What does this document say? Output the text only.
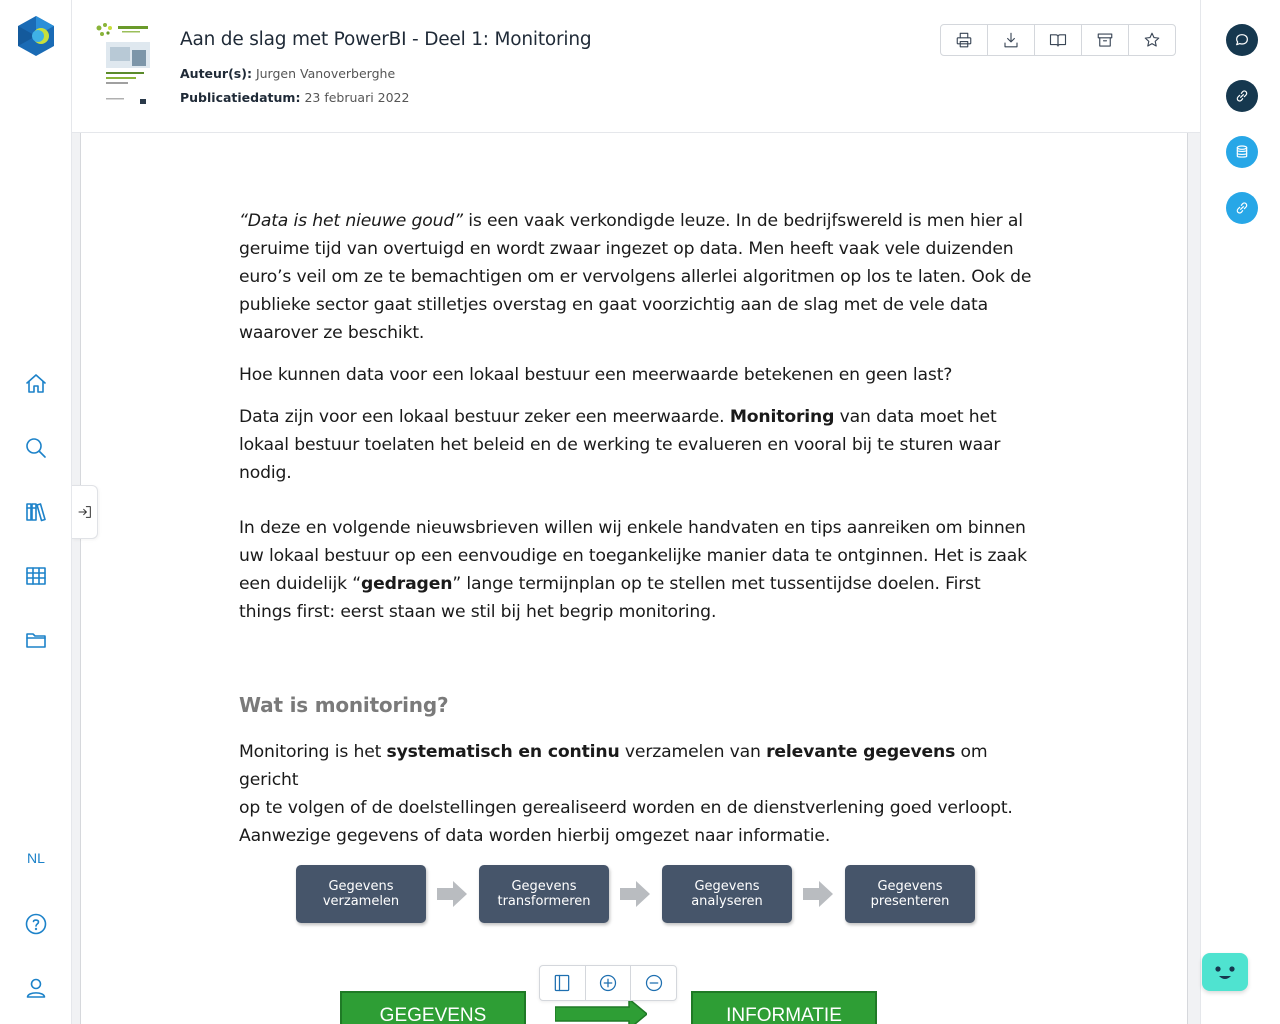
NL
Aan de slag met PowerBI - Deel 1: Monitoring
Auteur(s): Jurgen Vanoverberghe
Publicatiedatum: 23 februari 2022
“Data is het nieuwe goud” is een vaak verkondigde leuze. In de bedrijfswereld is men hier al
geruime tijd van overtuigd en wordt zwaar ingezet op data. Men heeft vaak vele duizenden
euro’s veil om ze te bemachtigen om er vervolgens allerlei algoritmen op los te laten. Ook de
publieke sector gaat stilletjes overstag en gaat voorzichtig aan de slag met de vele data
waarover ze beschikt.
Hoe kunnen data voor een lokaal bestuur een meerwaarde betekenen en geen last?
Data zijn voor een lokaal bestuur zeker een meerwaarde. Monitoring van data moet het
lokaal bestuur toelaten het beleid en de werking te evalueren en vooral bij te sturen waar
nodig.
In deze en volgende nieuwsbrieven willen wij enkele handvaten en tips aanreiken om binnen
uw lokaal bestuur op een eenvoudige en toegankelijke manier data te ontginnen. Het is zaak
een duidelijk “gedragen” lange termijnplan op te stellen met tussentijdse doelen. First
things first: eerst staan we stil bij het begrip monitoring.
Wat is monitoring?
Monitoring is het systematisch en continu verzamelen van relevante gegevens om gericht
op te volgen of de doelstellingen gerealiseerd worden en de dienstverlening goed verloopt.
Aanwezige gegevens of data worden hierbij omgezet naar informatie.
Gegevens
verzamelen
Gegevens
transformeren
Gegevens
analyseren
Gegevens
presenteren
GEGEVENS	INFORMATIE
